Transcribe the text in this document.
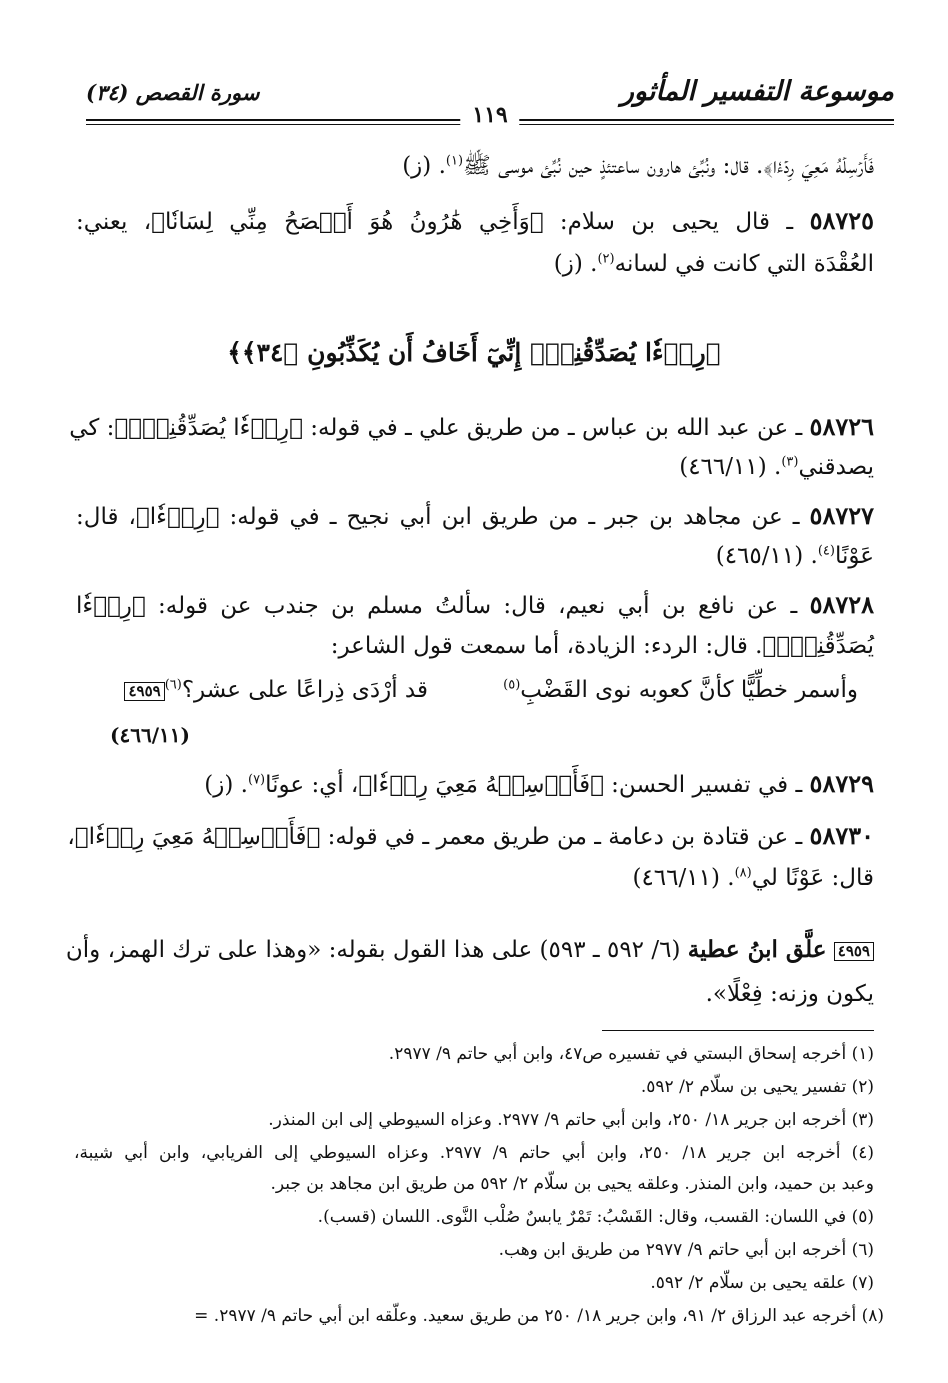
موسوعة التفسير المأثور
١١٩
سورة القصص (٣٤)
فَأَرۡسِلۡهُ مَعِيَ رِدۡءٗا﴾. قال: ونُبِّئ هارون ساعتئذٍ حين نُبِّئ موسى ﷺ$^{(١)}$. (ز)
٥٨٧٢٥ ـ قال يحيى بن سلام: ﴿وَأَخِي هَٰرُونُ هُوَ أَفۡصَحُ مِنِّي لِسَانٗا﴾، يعني:
العُقْدَة التي كانت في لسانه$^{(٢)}$. (ز)
﴿رِدۡءٗا يُصَدِّقُنِيٓۖ إِنِّيٓ أَخَافُ أَن يُكَذِّبُونِ ﴿٣٤﴾﴾
٥٨٧٢٦ ـ عن عبد الله بن عباس ـ من طريق علي ـ في قوله: ﴿رِدۡءٗا يُصَدِّقُنِيٓۖ﴾: كي
يصدقني$^{(٣)}$. (٤٦٦/١١)
٥٨٧٢٧ ـ عن مجاهد بن جبر ـ من طريق ابن أبي نجيح ـ في قوله: ﴿رِدۡءٗا﴾، قال:
عَوْنًا$^{(٤)}$. (٤٦٥/١١)
٥٨٧٢٨ ـ عن نافع بن أبي نعيم، قال: سألتُ مسلم بن جندب عن قوله: ﴿رِدۡءٗا
يُصَدِّقُنِيٓۖ﴾. قال: الردء: الزيادة، أما سمعت قول الشاعر:
وأسمر خطِّيًّا كأنَّ كعوبه نوى القَضْبِ$^{(٥)}$
قد أرْدَى ذِراعًا على عشر؟$^{(٦)}$٤٩٥٩
(٤٦٦/١١)
٥٨٧٢٩ ـ في تفسير الحسن: ﴿فَأَرۡسِلۡهُ مَعِيَ رِدۡءٗا﴾، أي: عونًا$^{(٧)}$. (ز)
٥٨٧٣٠ ـ عن قتادة بن دعامة ـ من طريق معمر ـ في قوله: ﴿فَأَرۡسِلۡهُ مَعِيَ رِدۡءٗا﴾،
قال: عَوْنًا لي$^{(٨)}$. (٤٦٦/١١)
٤٩٥٩ علَّق ابنُ عطية (٦/ ٥٩٢ ـ ٥٩٣) على هذا القول بقوله: «وهذا على ترك الهمز، وأن
يكون وزنه: فِعْلًا».
(١) أخرجه إسحاق البستي في تفسيره ص٤٧، وابن أبي حاتم ٩/ ٢٩٧٧.
(٢) تفسير يحيى بن سلّام ٢/ ٥٩٢.
(٣) أخرجه ابن جرير ١٨/ ٢٥٠، وابن أبي حاتم ٩/ ٢٩٧٧. وعزاه السيوطي إلى ابن المنذر.
(٤) أخرجه ابن جرير ١٨/ ٢٥٠، وابن أبي حاتم ٩/ ٢٩٧٧. وعزاه السيوطي إلى الفريابي، وابن أبي شيبة،
وعبد بن حميد، وابن المنذر. وعلقه يحيى بن سلّام ٢/ ٥٩٢ من طريق ابن مجاهد بن جبر.
(٥) في اللسان: القسب، وقال: القَسْبُ: تَمْرٌ يابسٌ صُلْب النَّوى. اللسان (قسب).
(٦) أخرجه ابن أبي حاتم ٩/ ٢٩٧٧ من طريق ابن وهب.
(٧) علقه يحيى بن سلّام ٢/ ٥٩٢.
(٨) أخرجه عبد الرزاق ٢/ ٩١، وابن جرير ١٨/ ٢٥٠ من طريق سعيد. وعلّقه ابن أبي حاتم ٩/ ٢٩٧٧. =
